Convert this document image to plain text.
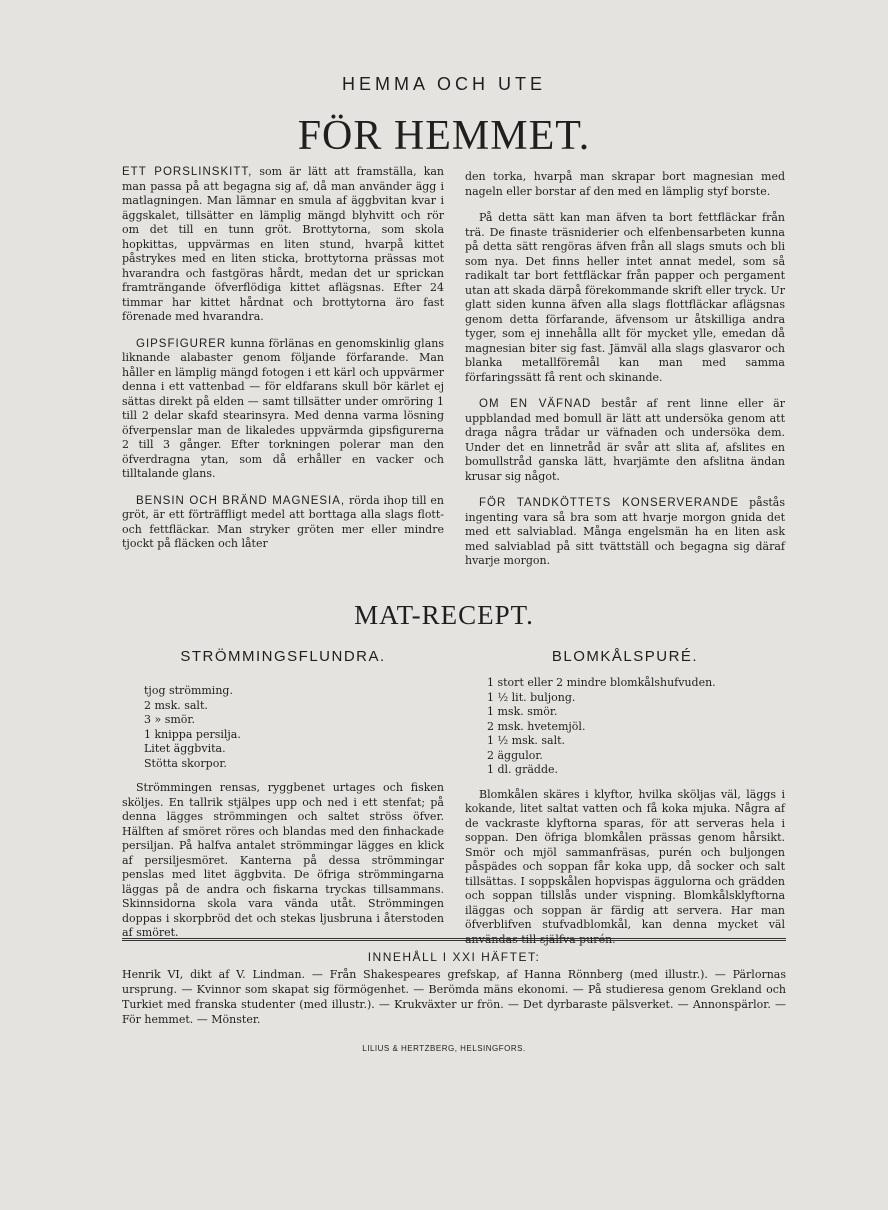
HEMMA OCH UTE
FÖR HEMMET.

ETT PORSLINSKITT, som är lätt att framställa, kan man passa på att begagna sig af, då man använder ägg i matlagningen. Man lämnar en smula af äggbvitan kvar i äggskalet, tillsätter en lämplig mängd blyhvitt och rör om det till en tunn gröt. Brottytorna, som skola hopkittas, uppvärmas en liten stund, hvarpå kittet påstrykes med en liten sticka, brottytorna prässas mot hvarandra och fastgöras hårdt, medan det ur sprickan framträngande öfverflödiga kittet aflägsnas. Efter 24 timmar har kittet hårdnat och brottytorna äro fast förenade med hvarandra.

GIPSFIGURER kunna förlänas en genomskinlig glans liknande alabaster genom följande förfarande. Man håller en lämplig mängd fotogen i ett kärl och uppvärmer denna i ett vattenbad — för eldfarans skull bör kärlet ej sättas direkt på elden — samt tillsätter under omröring 1 till 2 delar skafd stearinsyra. Med denna varma lösning öfverpenslar man de likaledes uppvärmda gipsfigurerna 2 till 3 gånger. Efter torkningen polerar man den öfverdragna ytan, som då erhåller en vacker och tilltalande glans.

BENSIN OCH BRÄND MAGNESIA, rörda ihop till en gröt, är ett förträffligt medel att borttaga alla slags flott- och fettfläckar. Man stryker gröten mer eller mindre tjockt på fläcken och låter

den torka, hvarpå man skrapar bort magnesian med nageln eller borstar af den med en lämplig styf borste.

På detta sätt kan man äfven ta bort fettfläckar från trä. De finaste träsniderier och elfenbensarbeten kunna på detta sätt rengöras äfven från all slags smuts och bli som nya. Det finns heller intet annat medel, som så radikalt tar bort fettfläckar från papper och pergament utan att skada därpå förekommande skrift eller tryck. Ur glatt siden kunna äfven alla slags flottfläckar aflägsnas genom detta förfarande, äfvensom ur åtskilliga andra tyger, som ej innehålla allt för mycket ylle, emedan då magnesian biter sig fast. Jämväl alla slags glasvaror och blanka metallföremål kan man med samma förfaringssätt få rent och skinande.

OM EN VÄFNAD består af rent linne eller är uppblandad med bomull är lätt att undersöka genom att draga några trådar ur väfnaden och undersöka dem. Under det en linnetråd är svår att slita af, afslites en bomullstråd ganska lätt, hvarjämte den afslitna ändan krusar sig något.

FÖR TANDKÖTTETS KONSERVERANDE påstås ingenting vara så bra som att hvarje morgon gnida det med ett salviablad. Många engelsmän ha en liten ask med salviablad på sitt tvättställ och begagna sig däraf hvarje morgon.

MAT-RECEPT.
STRÖMMINGSFLUNDRA.	BLOMKÅLSPURÉ.
tjog strömming.
2 msk. salt.
3 » smör.
1 knippa persilja.
Litet äggbvita.
Stötta skorpor.

Strömmingen rensas, ryggbenet urtages och fisken sköljes. En tallrik stjälpes upp och ned i ett stenfat; på denna lägges strömmingen och saltet ströss öfver. Hälften af smöret röres och blandas med den finhackade persiljan. På halfva antalet strömmingar lägges en klick af persiljesmöret. Kanterna på dessa strömmingar penslas med litet äggbvita. De öfriga strömmingarna läggas på de andra och fiskarna tryckas tillsammans. Skinnsidorna skola vara vända utåt. Strömmingen doppas i skorpbröd det och stekas ljusbruna i återstoden af smöret.

1 stort eller 2 mindre blomkålshufvuden.
1 ½ lit. buljong.
1 msk. smör.
2 msk. hvetemjöl.
1 ½ msk. salt.
2 äggulor.
1 dl. grädde.

Blomkålen skäres i klyftor, hvilka sköljas väl, läggs i kokande, litet saltat vatten och få koka mjuka. Några af de vackraste klyftorna sparas, för att serveras hela i soppan. Den öfriga blomkålen prässas genom hårsikt. Smör och mjöl sammanfräsas, purén och buljongen påspädes och soppan får koka upp, då socker och salt tillsättas. I soppskålen hopvispas äggulorna och grädden och soppan tillslås under vispning. Blomkålsklyftorna iläggas och soppan är färdig att servera. Har man öfverblifven stufvadblomkål, kan denna mycket väl användas till själfva purén.

INNEHÅLL I XXI HÄFTET:
Henrik VI, dikt af V. Lindman. — Från Shakespeares grefskap, af Hanna Rönnberg (med illustr.). — Pärlornas ursprung. — Kvinnor som skapat sig förmögenhet. — Berömda mäns ekonomi. — På studieresa genom Grekland och Turkiet med franska studenter (med illustr.). — Krukväxter ur frön. — Det dyrbaraste pälsverket. — Annonspärlor. — För hemmet. — Mönster.
LILIUS & HERTZBERG, HELSINGFORS.
